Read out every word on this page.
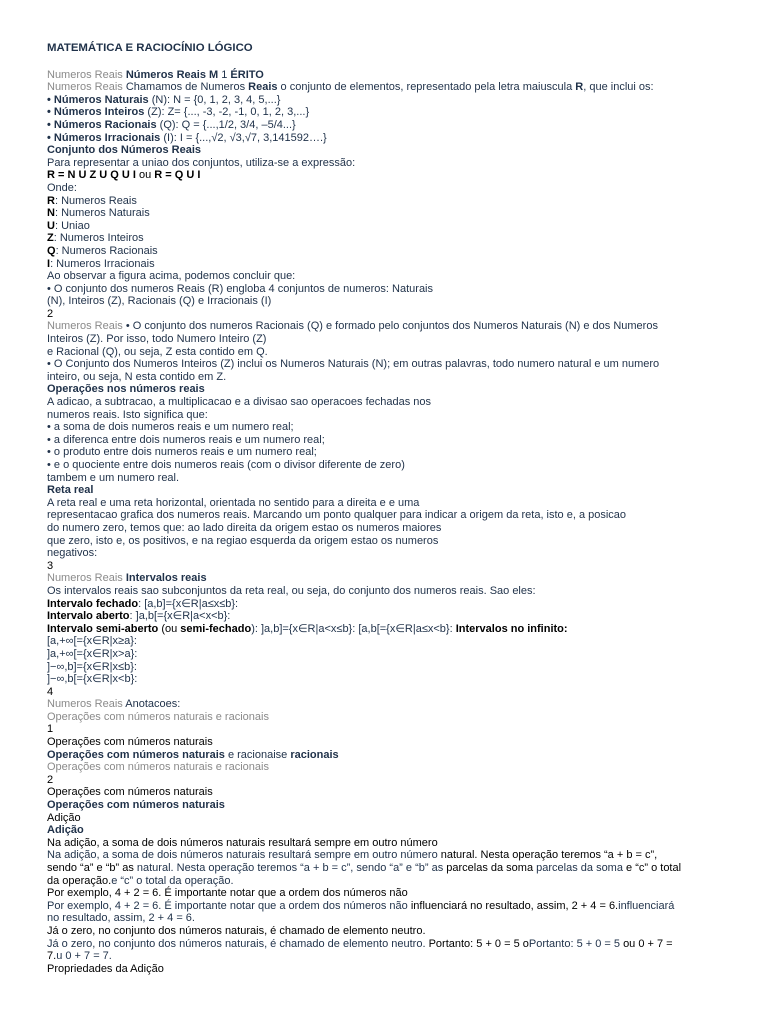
MATEMÁTICA E RACIOCÍNIO LÓGICO
Numeros Reais Números Reais M 1 ÉRITO
Numeros Reais Chamamos de Numeros Reais o conjunto de elementos, representado pela letra maiuscula R, que inclui os:
• Números Naturais (N): N = {0, 1, 2, 3, 4, 5,...}
• Números Inteiros (Z): Z= {..., -3, -2, -1, 0, 1, 2, 3,...}
• Números Racionais (Q): Q = {...,1/2, 3/4, –5/4...}
• Números Irracionais (I): I = {...,√2, √3,√7, 3,141592….}
Conjunto dos Números Reais
Para representar a uniao dos conjuntos, utiliza-se a expressão:
R = N U Z U Q U I ou R = Q U I
Onde:
R: Numeros Reais
N: Numeros Naturais
U: Uniao
Z: Numeros Inteiros
Q: Numeros Racionais
I: Numeros Irracionais
Ao observar a figura acima, podemos concluir que:
• O conjunto dos numeros Reais (R) engloba 4 conjuntos de numeros: Naturais
(N), Inteiros (Z), Racionais (Q) e Irracionais (I)
2
Numeros Reais • O conjunto dos numeros Racionais (Q) e formado pelo conjuntos dos Numeros Naturais (N) e dos Numeros
Inteiros (Z). Por isso, todo Numero Inteiro (Z)
e Racional (Q), ou seja, Z esta contido em Q.
• O Conjunto dos Numeros Inteiros (Z) inclui os Numeros Naturais (N); em outras palavras, todo numero natural e um numero
inteiro, ou seja, N esta contido em Z.
Operações nos números reais
A adicao, a subtracao, a multiplicacao e a divisao sao operacoes fechadas nos
numeros reais. Isto significa que:
• a soma de dois numeros reais e um numero real;
• a diferenca entre dois numeros reais e um numero real;
• o produto entre dois numeros reais e um numero real;
• e o quociente entre dois numeros reais (com o divisor diferente de zero)
tambem e um numero real.
Reta real
A reta real e uma reta horizontal, orientada no sentido para a direita e e uma
representacao grafica dos numeros reais. Marcando um ponto qualquer para indicar a origem da reta, isto e, a posicao
do numero zero, temos que: ao lado direita da origem estao os numeros maiores
que zero, isto e, os positivos, e na regiao esquerda da origem estao os numeros
negativos:
3
Numeros Reais Intervalos reais
Os intervalos reais sao subconjuntos da reta real, ou seja, do conjunto dos numeros reais. Sao eles:
Intervalo fechado: [a,b]={x∈R|a≤x≤b}:
Intervalo aberto: ]a,b[={x∈R|a<x<b}:
Intervalo semi-aberto (ou semi-fechado): ]a,b]={x∈R|a<x≤b}: [a,b[={x∈R|a≤x<b}: Intervalos no infinito:
[a,+∞[={x∈R|x≥a}:
]a,+∞[={x∈R|x>a}:
]−∞,b]={x∈R|x≤b}:
]−∞,b[={x∈R|x<b}:
4
Numeros Reais Anotacoes:
Operações com números naturais e racionais
1
Operações com números naturais
Operações com números naturais e racionaise racionais
Operações com números naturais e racionais
2
Operações com números naturais
Operações com números naturais
Adição
Adição
Na adição, a soma de dois números naturais resultará sempre em outro número
Na adição, a soma de dois números naturais resultará sempre em outro número natural. Nesta operação teremos “a + b = c”,
sendo “a” e “b” as natural. Nesta operação teremos “a + b = c”, sendo “a” e “b” as parcelas da soma parcelas da soma e “c” o total
da operação.e “c” o total da operação.
Por exemplo, 4 + 2 = 6. É importante notar que a ordem dos números não
Por exemplo, 4 + 2 = 6. É importante notar que a ordem dos números não influenciará no resultado, assim, 2 + 4 = 6.influenciará
no resultado, assim, 2 + 4 = 6.
Já o zero, no conjunto dos números naturais, é chamado de elemento neutro.
Já o zero, no conjunto dos números naturais, é chamado de elemento neutro. Portanto: 5 + 0 = 5 oPortanto: 5 + 0 = 5 ou 0 + 7 =
7.u 0 + 7 = 7.
Propriedades da Adição
